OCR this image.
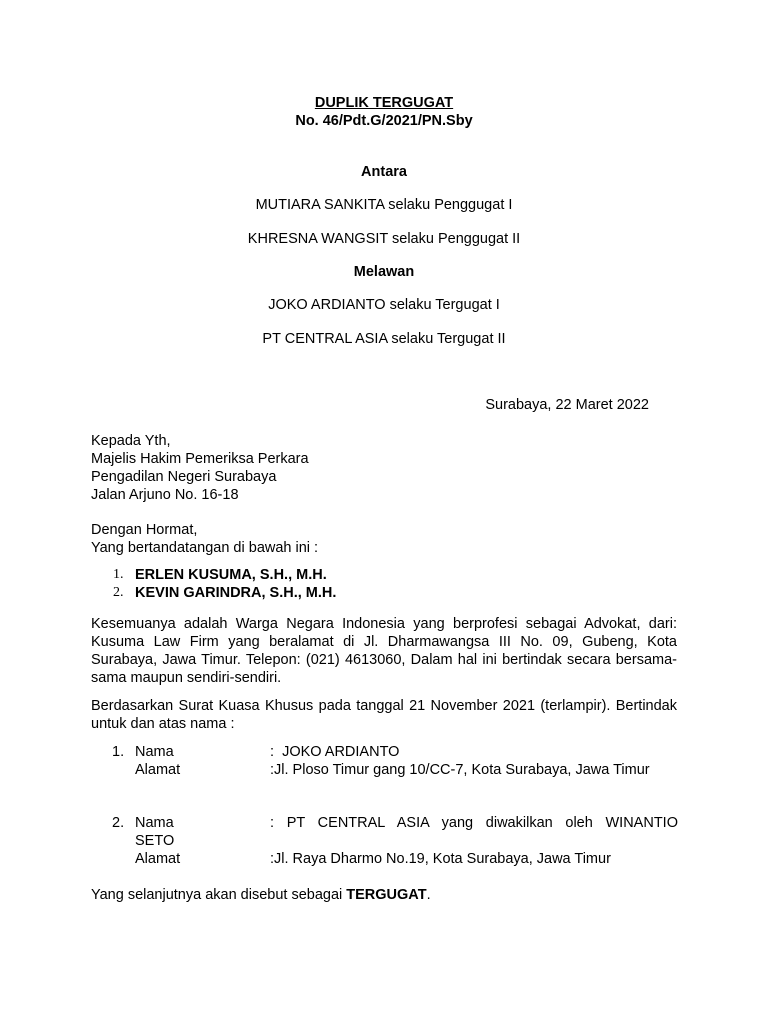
DUPLIK TERGUGAT
No. 46/Pdt.G/2021/PN.Sby
Antara
MUTIARA SANKITA selaku Penggugat I
KHRESNA WANGSIT selaku Penggugat II
Melawan
JOKO ARDIANTO selaku Tergugat I
PT CENTRAL ASIA selaku Tergugat II
Surabaya, 22 Maret 2022
Kepada Yth,
Majelis Hakim Pemeriksa Perkara
Pengadilan Negeri Surabaya
Jalan Arjuno No. 16-18
Dengan Hormat,
Yang bertandatangan di bawah ini :
1. ERLEN KUSUMA, S.H., M.H.
2. KEVIN GARINDRA, S.H., M.H.
Kesemuanya adalah Warga Negara Indonesia yang berprofesi sebagai Advokat, dari: Kusuma Law Firm yang beralamat di Jl. Dharmawangsa III No. 09, Gubeng, Kota Surabaya, Jawa Timur. Telepon: (021) 4613060, Dalam hal ini bertindak secara bersama-sama maupun sendiri-sendiri.
Berdasarkan Surat Kuasa Khusus pada tanggal 21 November 2021 (terlampir). Bertindak untuk dan atas nama :
1. Nama	:  JOKO ARDIANTO
Alamat	:Jl. Ploso Timur gang 10/CC-7, Kota Surabaya, Jawa Timur
2. Nama	: PT CENTRAL ASIA yang diwakilkan oleh WINANTIO
SETO
Alamat	:Jl. Raya Dharmo No.19, Kota Surabaya, Jawa Timur
Yang selanjutnya akan disebut sebagai TERGUGAT.
